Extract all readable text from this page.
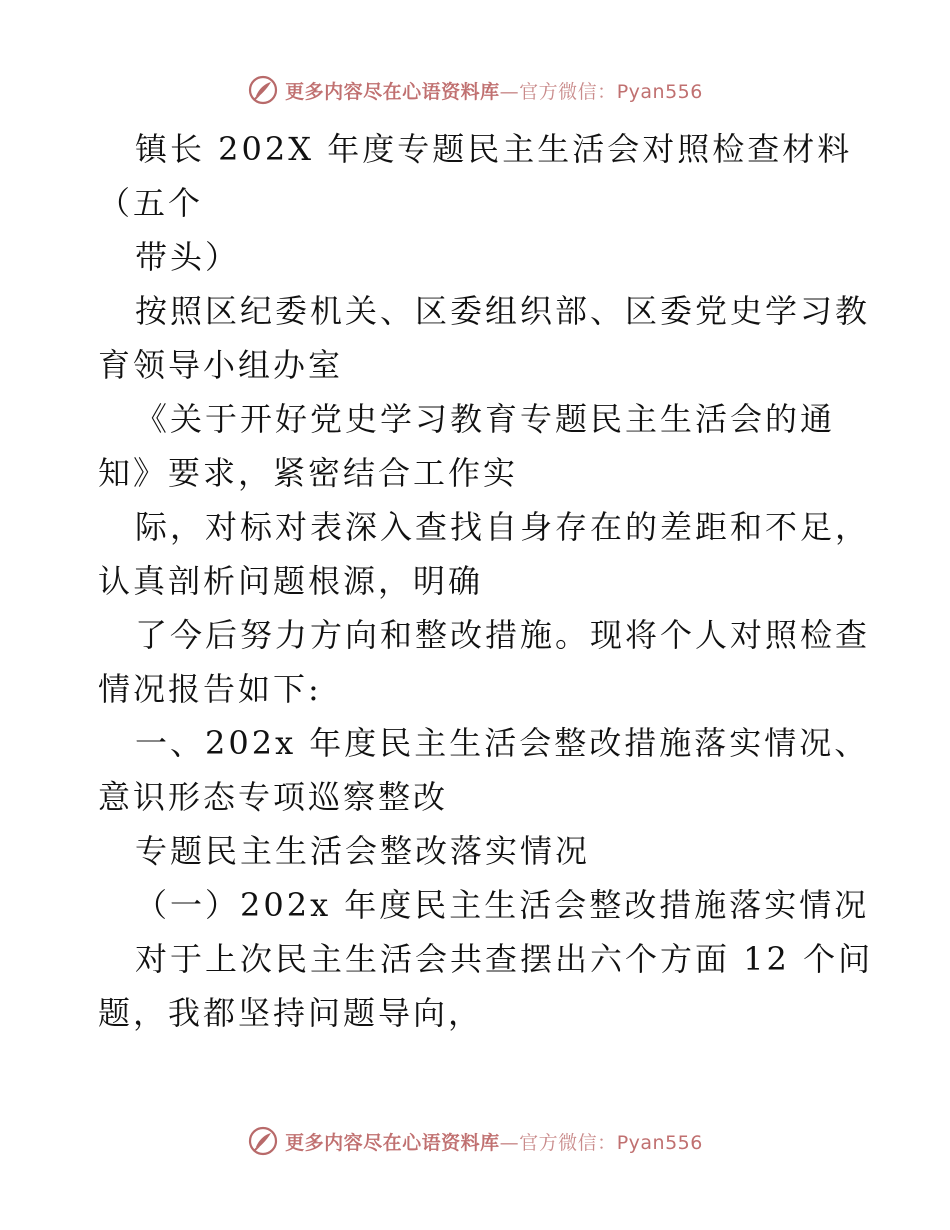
更多内容尽在心语资料库—官方微信：Pyan556
镇长 202X 年度专题民主生活会对照检查材料
（五个
带头）
按照区纪委机关、区委组织部、区委党史学习教
育领导小组办室
《关于开好党史学习教育专题民主生活会的通
知》要求，紧密结合工作实
际，对标对表深入查找自身存在的差距和不足，
认真剖析问题根源，明确
了今后努力方向和整改措施。现将个人对照检查
情况报告如下:
一、202x 年度民主生活会整改措施落实情况、
意识形态专项巡察整改
专题民主生活会整改落实情况
（一）202x 年度民主生活会整改措施落实情况
对于上次民主生活会共查摆出六个方面 12 个问
题，我都坚持问题导向，
更多内容尽在心语资料库—官方微信：Pyan556
